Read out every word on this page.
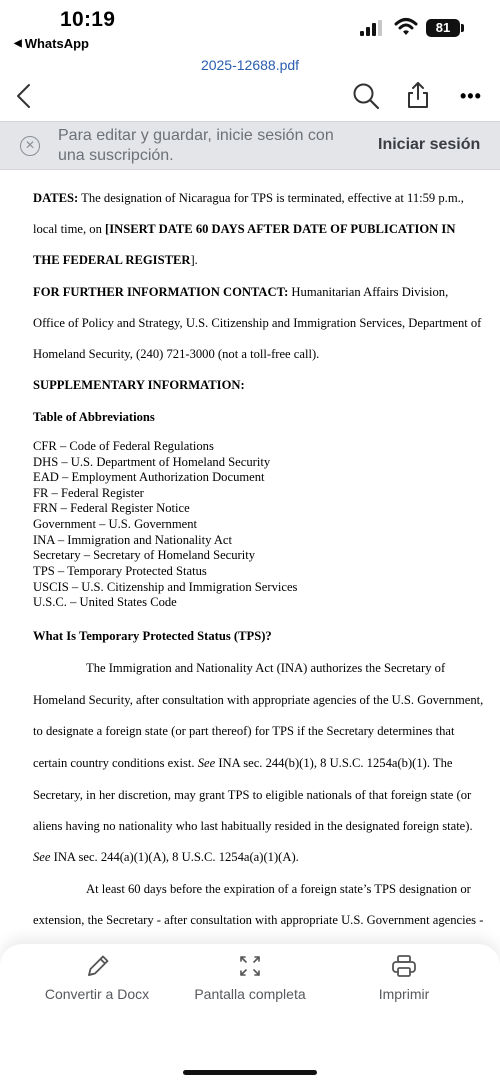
10:19
◀ WhatsApp
81
2025-12688.pdf
•••
✕
Para editar y guardar, inicie sesión con una suscripción.
Iniciar sesión
DATES: The designation of Nicaragua for TPS is terminated, effective at 11:59 p.m.,
local time, on [INSERT DATE 60 DAYS AFTER DATE OF PUBLICATION IN
THE FEDERAL REGISTER].
FOR FURTHER INFORMATION CONTACT: Humanitarian Affairs Division,
Office of Policy and Strategy, U.S. Citizenship and Immigration Services, Department of
Homeland Security, (240) 721-3000 (not a toll-free call).
SUPPLEMENTARY INFORMATION:
Table of Abbreviations
CFR – Code of Federal Regulations
DHS – U.S. Department of Homeland Security
EAD – Employment Authorization Document
FR – Federal Register
FRN – Federal Register Notice
Government – U.S. Government
INA – Immigration and Nationality Act
Secretary – Secretary of Homeland Security
TPS – Temporary Protected Status
USCIS – U.S. Citizenship and Immigration Services
U.S.C. – United States Code
What Is Temporary Protected Status (TPS)?
The Immigration and Nationality Act (INA) authorizes the Secretary of
Homeland Security, after consultation with appropriate agencies of the U.S. Government,
to designate a foreign state (or part thereof) for TPS if the Secretary determines that
certain country conditions exist. See INA sec. 244(b)(1), 8 U.S.C. 1254a(b)(1). The
Secretary, in her discretion, may grant TPS to eligible nationals of that foreign state (or
aliens having no nationality who last habitually resided in the designated foreign state).
See INA sec. 244(a)(1)(A), 8 U.S.C. 1254a(a)(1)(A).
At least 60 days before the expiration of a foreign state’s TPS designation or
extension, the Secretary - after consultation with appropriate U.S. Government agencies -
Convertir a Docx	Pantalla completa	Imprimir
